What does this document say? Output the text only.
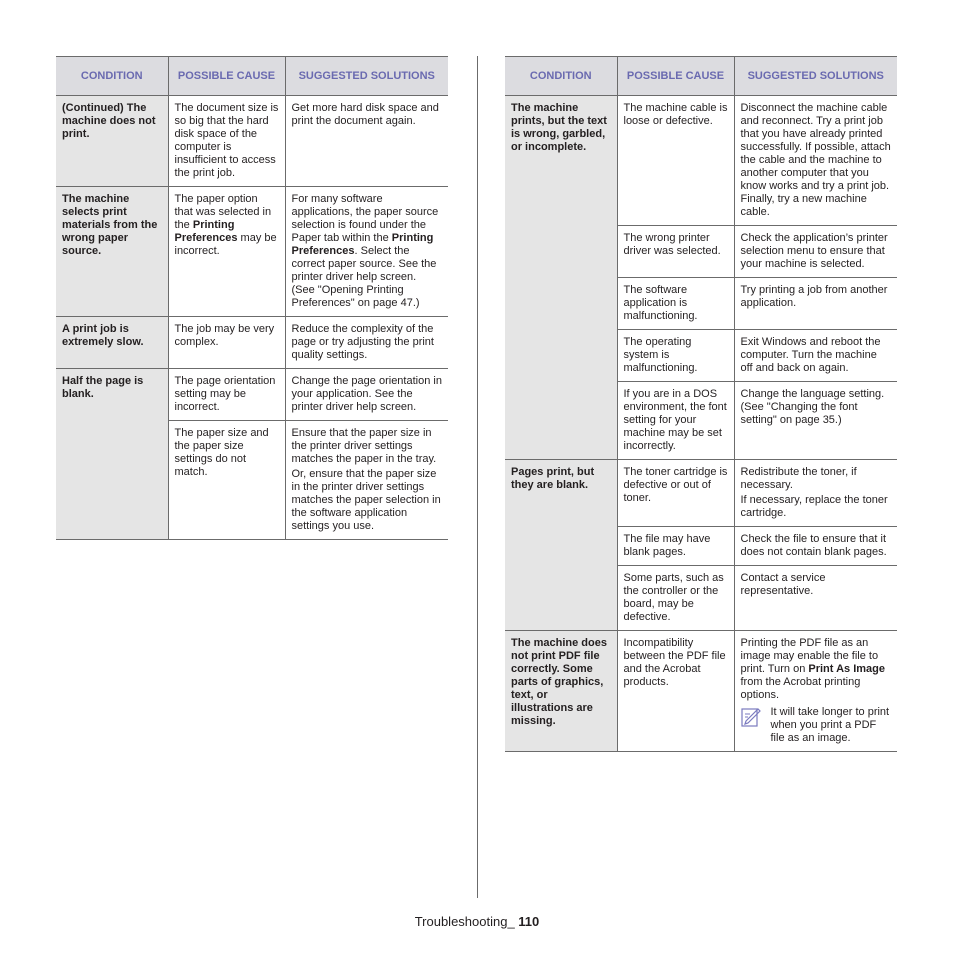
CONDITION	POSSIBLE CAUSE	SUGGESTED SOLUTIONS
(Continued) The machine does not print.	The document size is so big that the hard disk space of the computer is insufficient to access the print job.	Get more hard disk space and print the document again.

The machine selects print materials from the wrong paper source.	The paper option that was selected in the Printing Preferences may be incorrect.	For many software applications, the paper source selection is found under the Paper tab within the Printing Preferences. Select the correct paper source. See the printer driver help screen. (See "Opening Printing Preferences" on page 47.)

A print job is extremely slow.	The job may be very complex.	Reduce the complexity of the page or try adjusting the print quality settings.

Half the page is blank.	The page orientation setting may be incorrect.	Change the page orientation in your application. See the printer driver help screen.

	The paper size and the paper size settings do not match.	Ensure that the paper size in the printer driver settings matches the paper in the tray.
Or, ensure that the paper size in the printer driver settings matches the paper selection in the software application settings you use.
CONDITION	POSSIBLE CAUSE	SUGGESTED SOLUTIONS
The machine prints, but the text is wrong, garbled, or incomplete.	The machine cable is loose or defective.	Disconnect the machine cable and reconnect. Try a print job that you have already printed successfully. If possible, attach the cable and the machine to another computer that you know works and try a print job. Finally, try a new machine cable.

	The wrong printer driver was selected.	Check the application’s printer selection menu to ensure that your machine is selected.

	The software application is malfunctioning.	Try printing a job from another application.

	The operating system is malfunctioning.	Exit Windows and reboot the computer. Turn the machine off and back on again.

	If you are in a DOS environment, the font setting for your machine may be set incorrectly.	Change the language setting. (See "Changing the font setting" on page 35.)

Pages print, but they are blank.	The toner cartridge is defective or out of toner.	Redistribute the toner, if necessary.
If necessary, replace the toner cartridge.

	The file may have blank pages.	Check the file to ensure that it does not contain blank pages.

	Some parts, such as the controller or the board, may be defective.	Contact a service representative.

The machine does not print PDF file correctly. Some parts of graphics, text, or illustrations are missing.	Incompatibility between the PDF file and the Acrobat products.	Printing the PDF file as an image may enable the file to print. Turn on Print As Image from the Acrobat printing options.
It will take longer to print when you print a PDF file as an image.
Troubleshooting_ 110
